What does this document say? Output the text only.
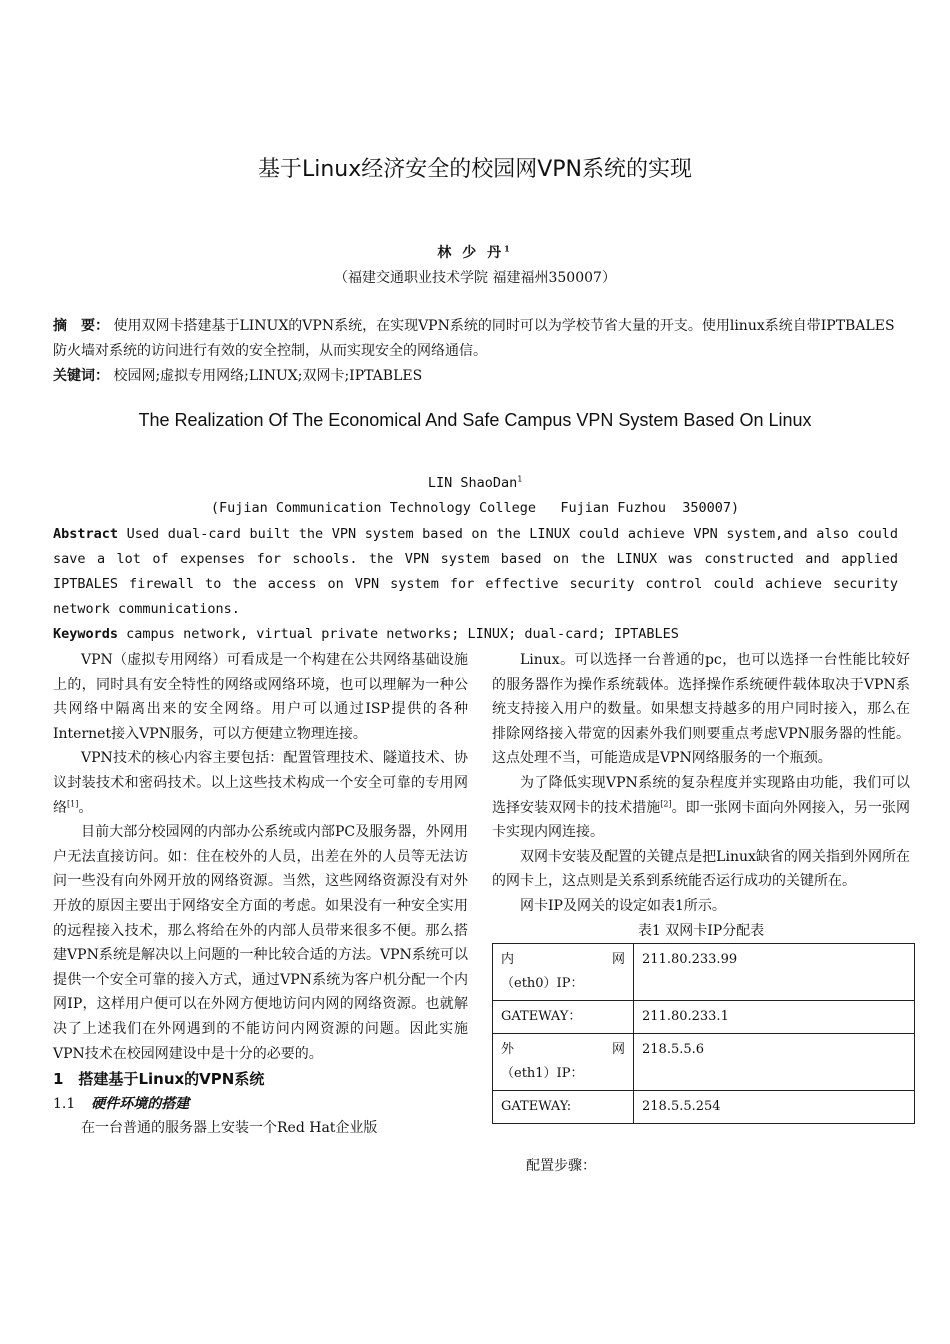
基于Linux经济安全的校园网VPN系统的实现
林 少 丹$^1$
（福建交通职业技术学院 福建福州350007）
摘　要： 使用双网卡搭建基于LINUX的VPN系统，在实现VPN系统的同时可以为学校节省大量的开支。使用linux系统自带IPTBALES防火墙对系统的访问进行有效的安全控制，从而实现安全的网络通信。
关键词： 校园网;虚拟专用网络;LINUX;双网卡;IPTABLES
The Realization Of The Economical And Safe Campus VPN System Based On Linux
LIN ShaoDan$^1$
(Fujian Communication Technology College   Fujian Fuzhou  350007)
Abstract Used dual-card built the VPN system based on the LINUX could achieve VPN system,and also could save a lot of expenses for schools. the VPN system based on the LINUX was constructed and applied IPTBALES firewall to the access on VPN system for effective security control could achieve security network communications.
Keywords campus network, virtual private networks; LINUX; dual-card; IPTABLES

VPN（虚拟专用网络）可看成是一个构建在公共网络基础设施上的，同时具有安全特性的网络或网络环境，也可以理解为一种公共网络中隔离出来的安全网络。用户可以通过ISP提供的各种Internet接入VPN服务，可以方便建立物理连接。

VPN技术的核心内容主要包括：配置管理技术、隧道技术、协议封装技术和密码技术。以上这些技术构成一个安全可靠的专用网络[1]。

目前大部分校园网的内部办公系统或内部PC及服务器，外网用户无法直接访问。如：住在校外的人员，出差在外的人员等无法访问一些没有向外网开放的网络资源。当然，这些网络资源没有对外开放的原因主要出于网络安全方面的考虑。如果没有一种安全实用的远程接入技术，那么将给在外的内部人员带来很多不便。那么搭建VPN系统是解决以上问题的一种比较合适的方法。VPN系统可以提供一个安全可靠的接入方式，通过VPN系统为客户机分配一个内网IP，这样用户便可以在外网方便地访问内网的网络资源。也就解决了上述我们在外网遇到的不能访问内网资源的问题。因此实施VPN技术在校园网建设中是十分的必要的。

1　搭建基于Linux的VPN系统
1.1 硬件环境的搭建

在一台普通的服务器上安装一个Red Hat企业版

Linux。可以选择一台普通的pc，也可以选择一台性能比较好的服务器作为操作系统载体。选择操作系统硬件载体取决于VPN系统支持接入用户的数量。如果想支持越多的用户同时接入，那么在排除网络接入带宽的因素外我们则要重点考虑VPN服务器的性能。这点处理不当，可能造成是VPN网络服务的一个瓶颈。

为了降低实现VPN系统的复杂程度并实现路由功能，我们可以选择安装双网卡的技术措施[2]。即一张网卡面向外网接入，另一张网卡实现内网连接。

双网卡安装及配置的关键点是把Linux缺省的网关指到外网所在的网卡上，这点则是关系到系统能否运行成功的关键所在。

网卡IP及网关的设定如表1所示。

表1 双网卡IP分配表
内 网
（eth0）IP：	211.80.233.99
GATEWAY：	211.80.233.1

外 网
（eth1）IP：	218.5.5.6
GATEWAY:	218.5.5.254
配置步骤：
